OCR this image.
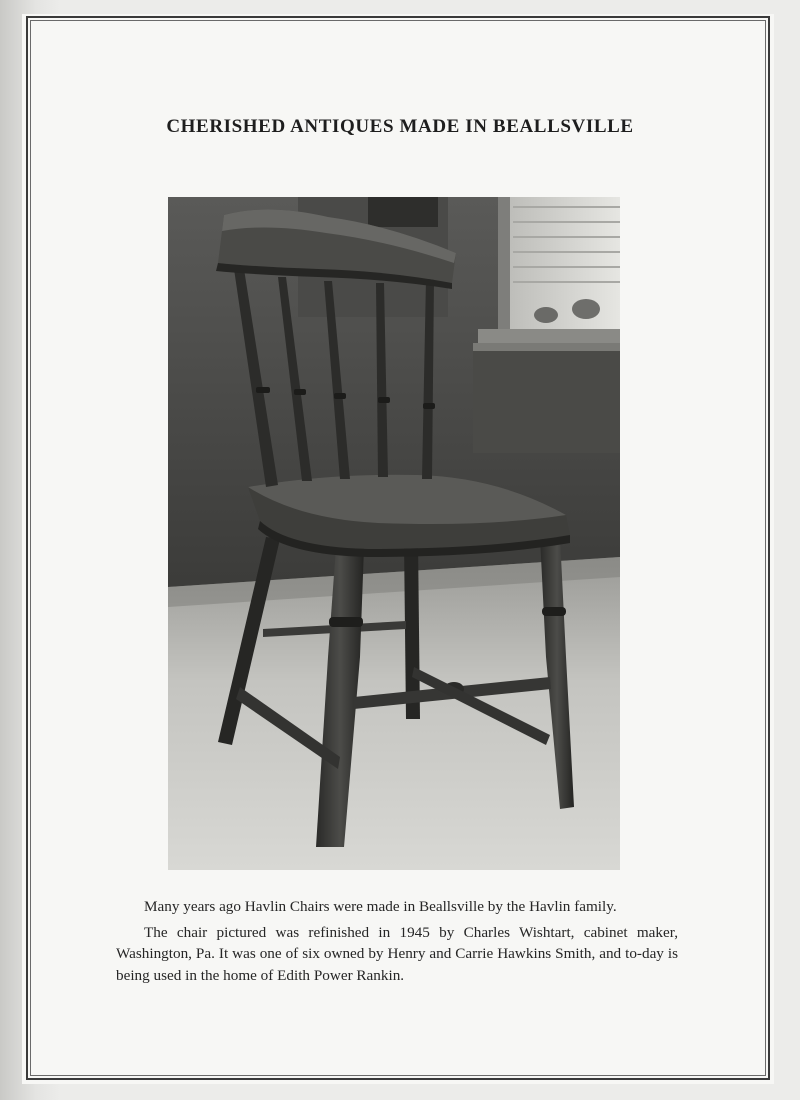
CHERISHED ANTIQUES MADE IN BEALLSVILLE

Many years ago Havlin Chairs were made in Beallsville by the Havlin family.

The chair pictured was refinished in 1945 by Charles Wishtart, cabinet maker, Washington, Pa. It was one of six owned by Henry and Carrie Hawkins Smith, and to-day is being used in the home of Edith Power Rankin.
